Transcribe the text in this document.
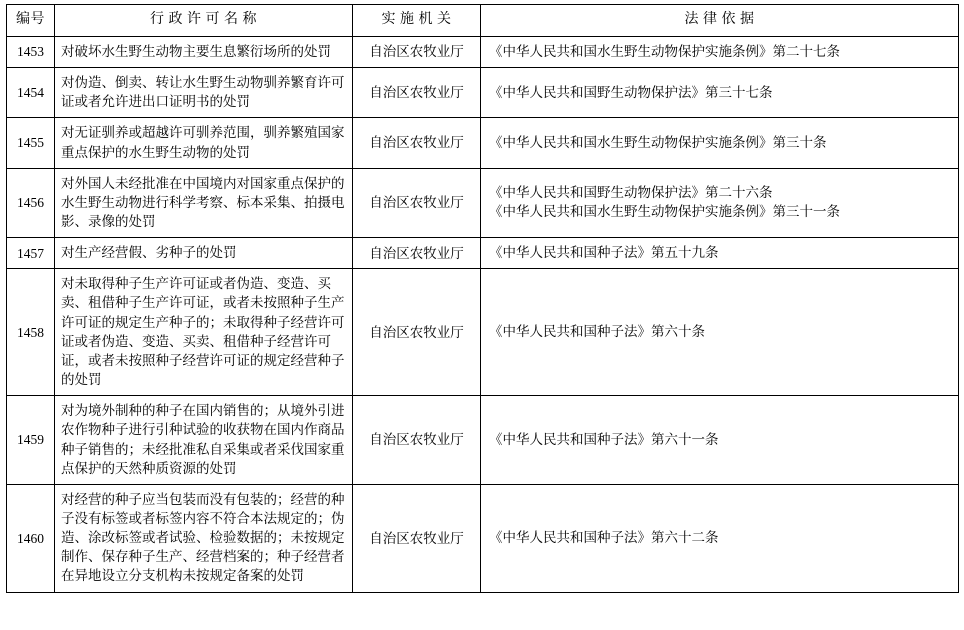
编号	行 政 许 可 名 称	实 施 机 关	法 律 依 据
1453	对破坏水生野生动物主要生息繁衍场所的处罚	自治区农牧业厅	《中华人民共和国水生野生动物保护实施条例》第二十七条

1454	对伪造、倒卖、转让水生野生动物驯养繁育许可证或者允许进出口证明书的处罚	自治区农牧业厅	《中华人民共和国野生动物保护法》第三十七条

1455	对无证驯养或超越许可驯养范围，驯养繁殖国家重点保护的水生野生动物的处罚	自治区农牧业厅	《中华人民共和国水生野生动物保护实施条例》第三十条

1456	对外国人未经批准在中国境内对国家重点保护的水生野生动物进行科学考察、标本采集、拍摄电影、录像的处罚	自治区农牧业厅	《中华人民共和国野生动物保护法》第二十六条
《中华人民共和国水生野生动物保护实施条例》第三十一条

1457	对生产经营假、劣种子的处罚	自治区农牧业厅	《中华人民共和国种子法》第五十九条

1458	对未取得种子生产许可证或者伪造、变造、买卖、租借种子生产许可证，或者未按照种子生产许可证的规定生产种子的；未取得种子经营许可证或者伪造、变造、买卖、租借种子经营许可证，或者未按照种子经营许可证的规定经营种子的处罚	自治区农牧业厅	《中华人民共和国种子法》第六十条

1459	对为境外制种的种子在国内销售的；从境外引进农作物种子进行引种试验的收获物在国内作商品种子销售的；未经批准私自采集或者采伐国家重点保护的天然种质资源的处罚	自治区农牧业厅	《中华人民共和国种子法》第六十一条

1460	对经营的种子应当包装而没有包装的；经营的种子没有标签或者标签内容不符合本法规定的；伪造、涂改标签或者试验、检验数据的；未按规定制作、保存种子生产、经营档案的；种子经营者在异地设立分支机构未按规定备案的处罚	自治区农牧业厅	《中华人民共和国种子法》第六十二条
